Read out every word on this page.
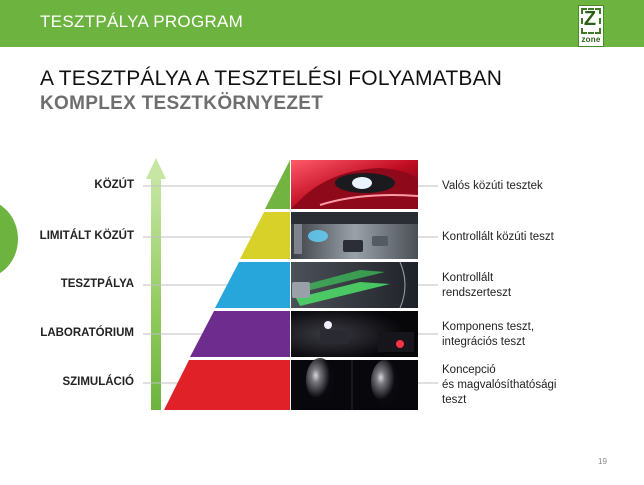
TESZTPÁLYA PROGRAM	Z
zone
A TESZTPÁLYA A TESZTELÉSI FOLYAMATBAN
KOMPLEX TESZTKÖRNYEZET
KÖZÚT
LIMITÁLT KÖZÚT
TESZTPÁLYA
LABORATÓRIUM
SZIMULÁCIÓ
Valós közúti tesztek
Kontrollált közúti teszt
Kontrollált
rendszerteszt
Komponens teszt,
integrációs teszt
Koncepció
és magvalósíthatósági
teszt
19
